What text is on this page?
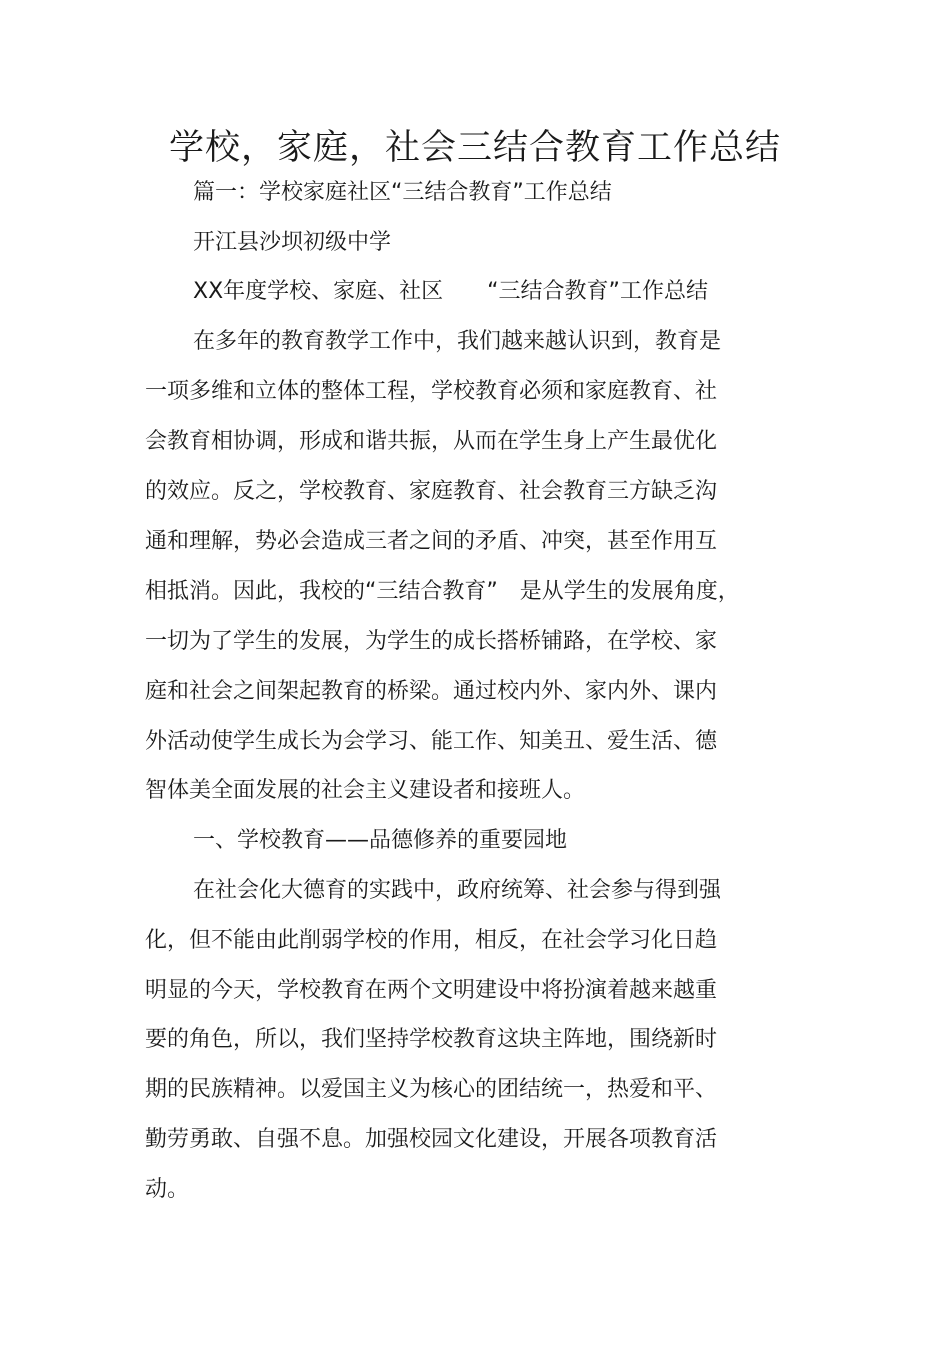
学校，家庭，社会三结合教育工作总结
篇一：学校家庭社区“三结合教育”工作总结
开江县沙坝初级中学
XX年度学校、家庭、社区　　“三结合教育”工作总结
在多年的教育教学工作中，我们越来越认识到，教育是
一项多维和立体的整体工程，学校教育必须和家庭教育、社
会教育相协调，形成和谐共振，从而在学生身上产生最优化
的效应。反之，学校教育、家庭教育、社会教育三方缺乏沟
通和理解，势必会造成三者之间的矛盾、冲突，甚至作用互
相抵消。因此，我校的“三结合教育”　是从学生的发展角度，
一切为了学生的发展，为学生的成长搭桥铺路，在学校、家
庭和社会之间架起教育的桥梁。通过校内外、家内外、课内
外活动使学生成长为会学习、能工作、知美丑、爱生活、德
智体美全面发展的社会主义建设者和接班人。
一、学校教育——品德修养的重要园地
在社会化大德育的实践中，政府统筹、社会参与得到强
化，但不能由此削弱学校的作用，相反，在社会学习化日趋
明显的今天，学校教育在两个文明建设中将扮演着越来越重
要的角色，所以，我们坚持学校教育这块主阵地，围绕新时
期的民族精神。以爱国主义为核心的团结统一，热爱和平、
勤劳勇敢、自强不息。加强校园文化建设，开展各项教育活
动。
